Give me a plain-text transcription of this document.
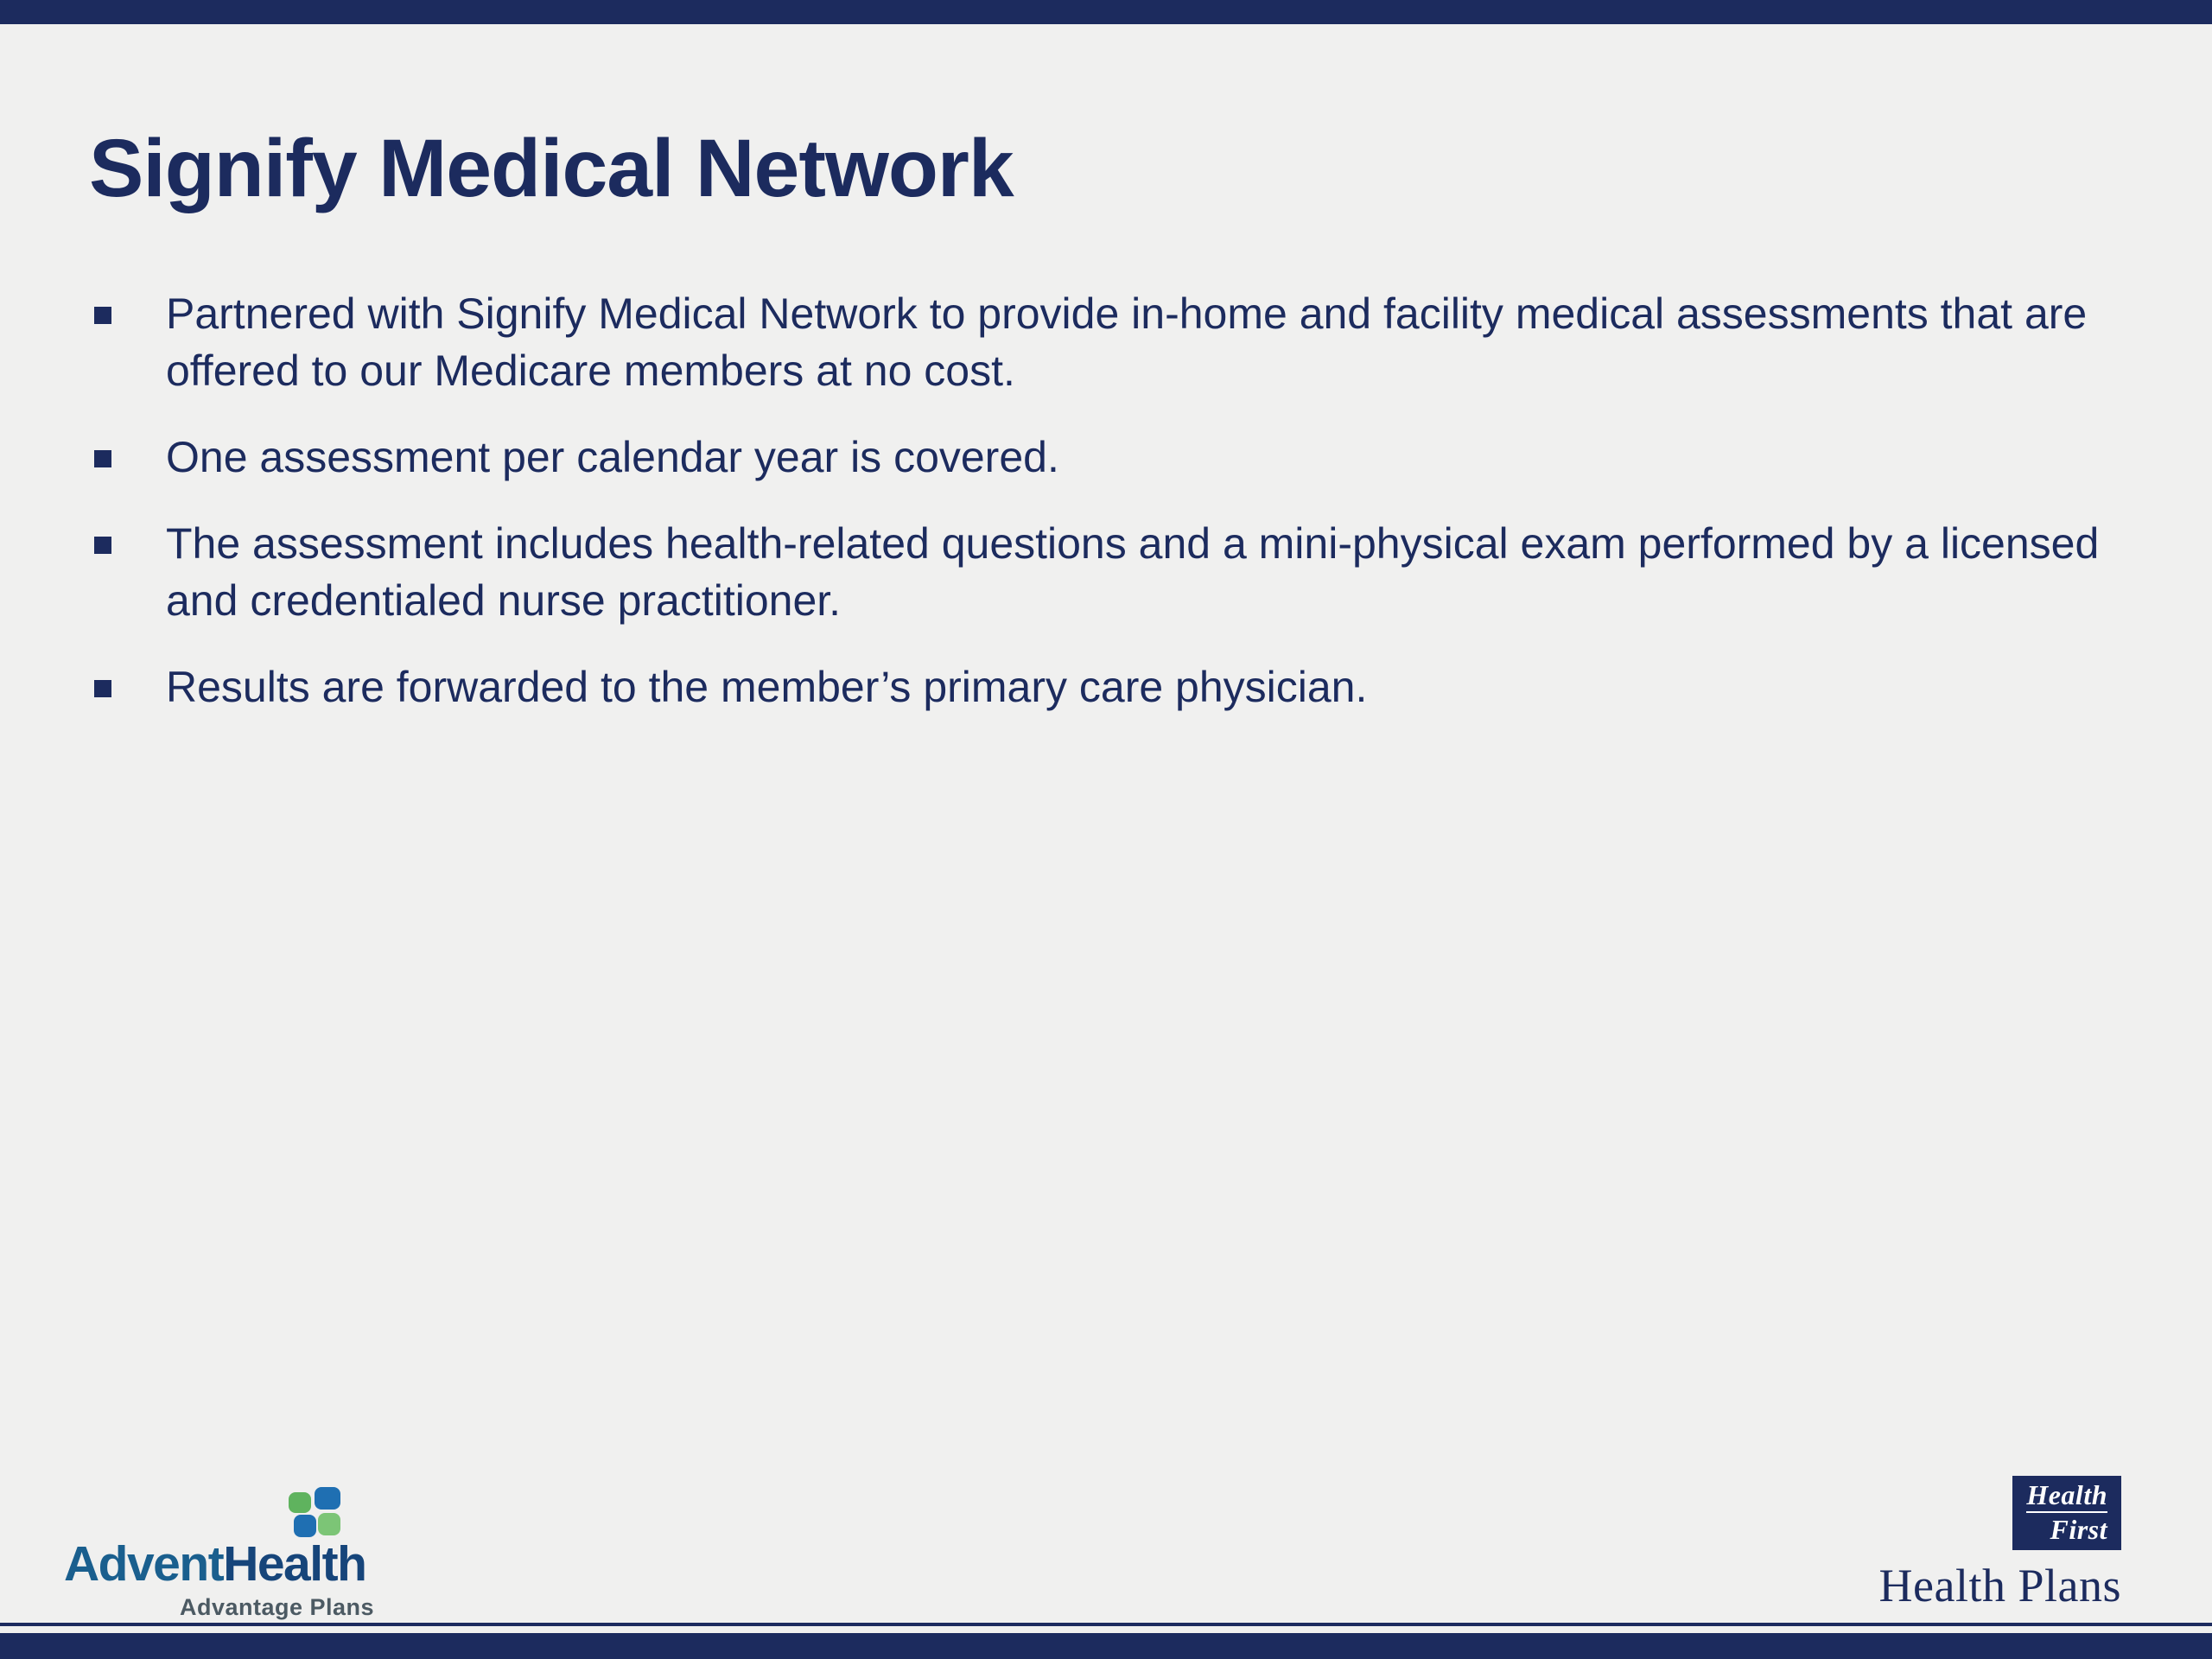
Signify Medical Network
Partnered with Signify Medical Network to provide in-home and facility medical assessments that are offered to our Medicare members at no cost.
One assessment per calendar year is covered.
The assessment includes health-related questions and a mini-physical exam performed by a licensed and credentialed nurse practitioner.
Results are forwarded to the member’s primary care physician.
AdventHealth
Advantage Plans
Health
First
Health Plans
